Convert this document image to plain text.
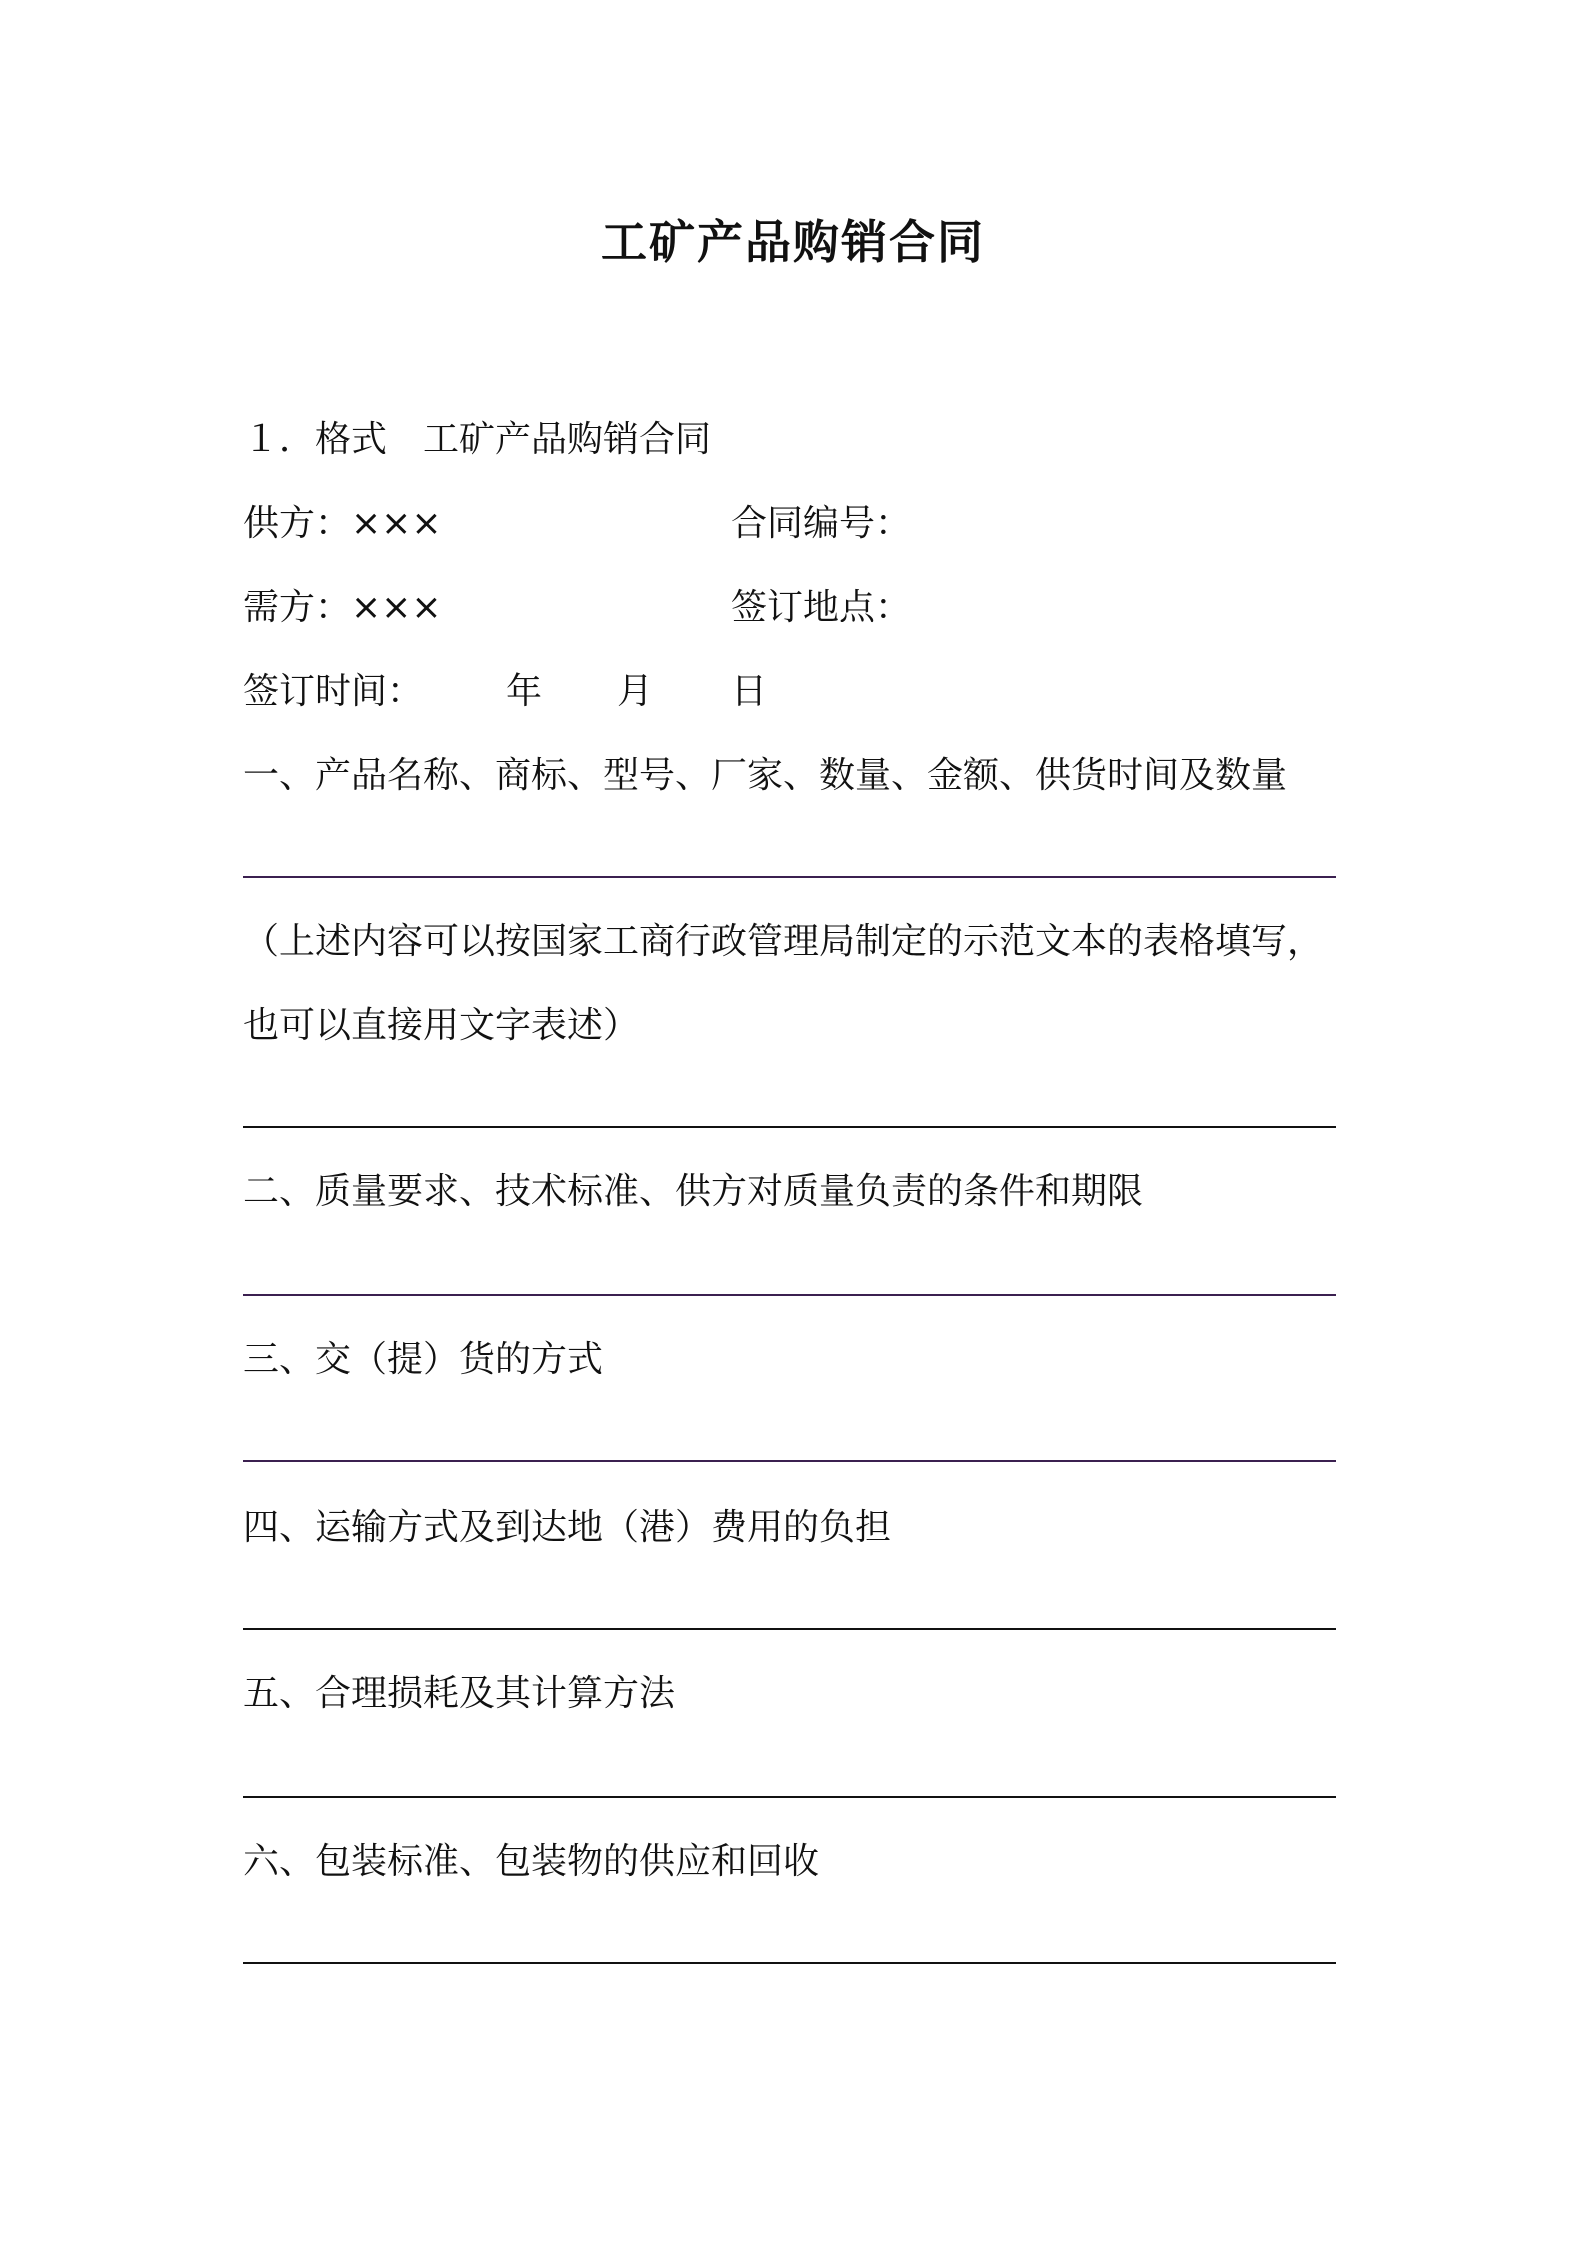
工矿产品购销合同
１．格式　工矿产品购销合同
供方：×××	合同编号：
需方：×××	签订地点：
签订时间： 年 月 日
一、产品名称、商标、型号、厂家、数量、金额、供货时间及数量
（上述内容可以按国家工商行政管理局制定的示范文本的表格填写，
也可以直接用文字表述）
二、质量要求、技术标准、供方对质量负责的条件和期限
三、交（提）货的方式
四、运输方式及到达地（港）费用的负担
五、合理损耗及其计算方法
六、包装标准、包装物的供应和回收
